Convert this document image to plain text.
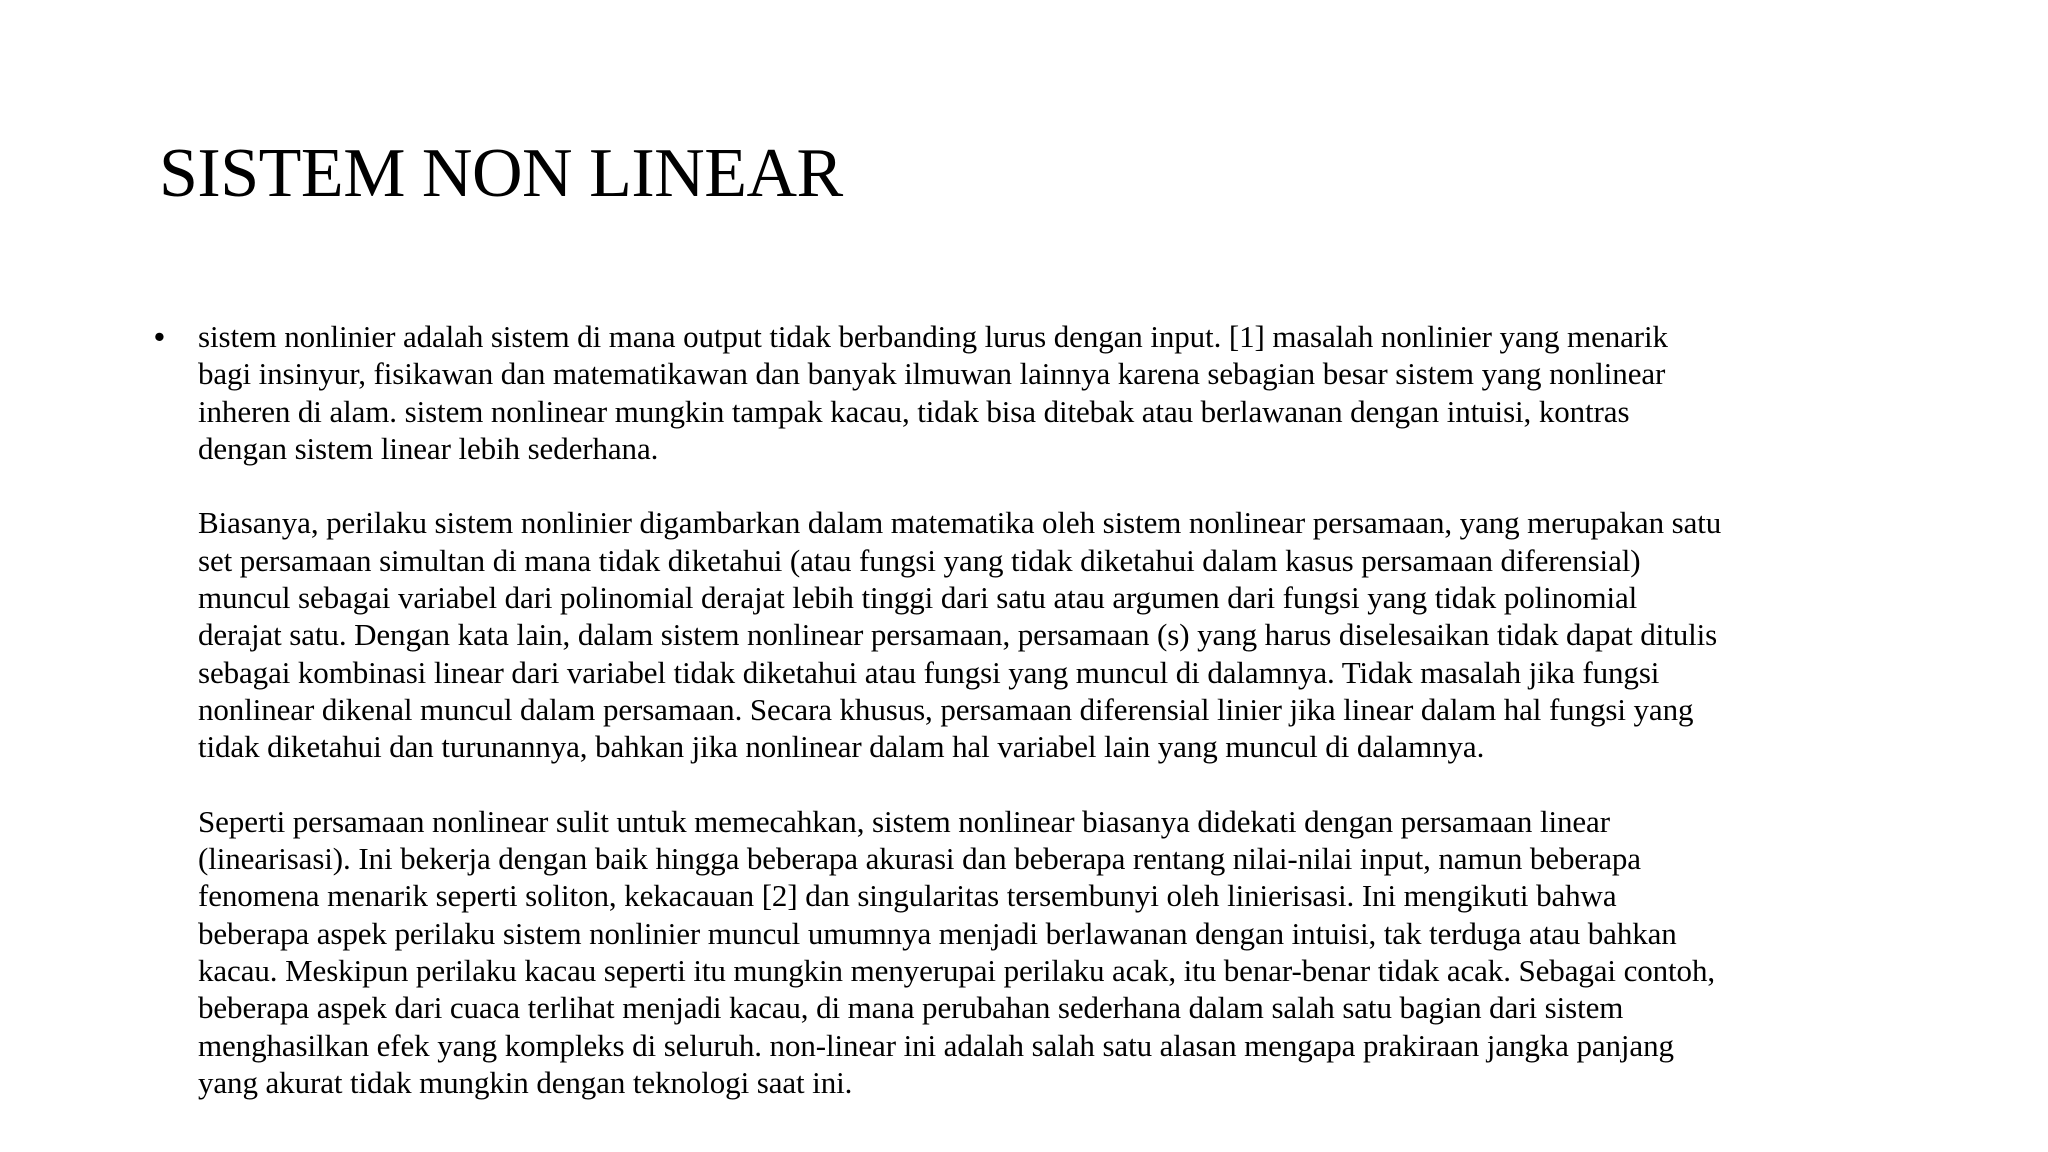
SISTEM NON LINEAR
• sistem nonlinier adalah sistem di mana output tidak berbanding lurus dengan input. [1] masalah nonlinier yang menarik
bagi insinyur, fisikawan dan matematikawan dan banyak ilmuwan lainnya karena sebagian besar sistem yang nonlinear
inheren di alam. sistem nonlinear mungkin tampak kacau, tidak bisa ditebak atau berlawanan dengan intuisi, kontras
dengan sistem linear lebih sederhana.

Biasanya, perilaku sistem nonlinier digambarkan dalam matematika oleh sistem nonlinear persamaan, yang merupakan satu
set persamaan simultan di mana tidak diketahui (atau fungsi yang tidak diketahui dalam kasus persamaan diferensial)
muncul sebagai variabel dari polinomial derajat lebih tinggi dari satu atau argumen dari fungsi yang tidak polinomial
derajat satu. Dengan kata lain, dalam sistem nonlinear persamaan, persamaan (s) yang harus diselesaikan tidak dapat ditulis
sebagai kombinasi linear dari variabel tidak diketahui atau fungsi yang muncul di dalamnya. Tidak masalah jika fungsi
nonlinear dikenal muncul dalam persamaan. Secara khusus, persamaan diferensial linier jika linear dalam hal fungsi yang
tidak diketahui dan turunannya, bahkan jika nonlinear dalam hal variabel lain yang muncul di dalamnya.

Seperti persamaan nonlinear sulit untuk memecahkan, sistem nonlinear biasanya didekati dengan persamaan linear
(linearisasi). Ini bekerja dengan baik hingga beberapa akurasi dan beberapa rentang nilai-nilai input, namun beberapa
fenomena menarik seperti soliton, kekacauan [2] dan singularitas tersembunyi oleh linierisasi. Ini mengikuti bahwa
beberapa aspek perilaku sistem nonlinier muncul umumnya menjadi berlawanan dengan intuisi, tak terduga atau bahkan
kacau. Meskipun perilaku kacau seperti itu mungkin menyerupai perilaku acak, itu benar-benar tidak acak. Sebagai contoh,
beberapa aspek dari cuaca terlihat menjadi kacau, di mana perubahan sederhana dalam salah satu bagian dari sistem
menghasilkan efek yang kompleks di seluruh. non-linear ini adalah salah satu alasan mengapa prakiraan jangka panjang
yang akurat tidak mungkin dengan teknologi saat ini.
